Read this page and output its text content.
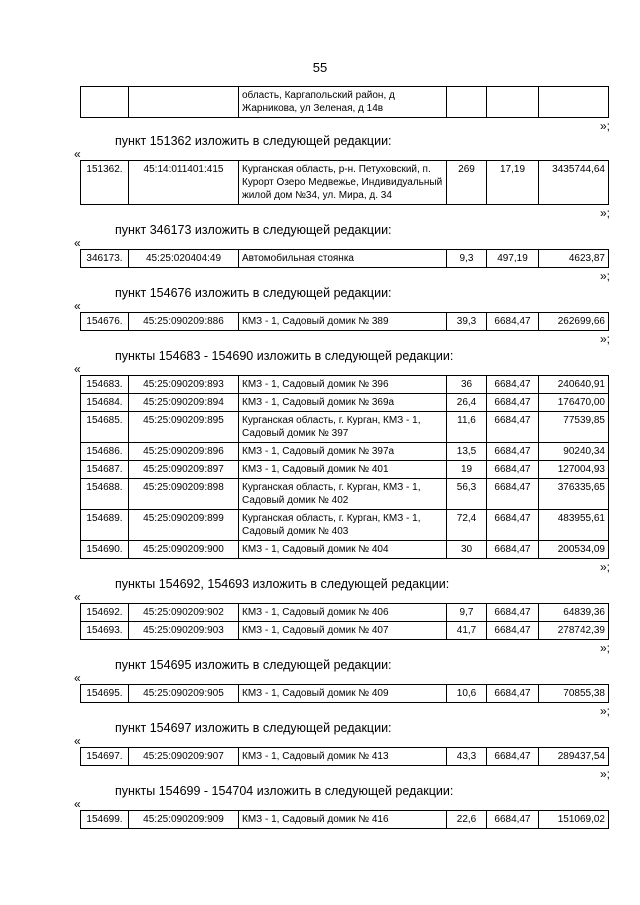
55
		область, Каргапольский район, д Жарникова, ул Зеленая, д 14в			
»;
пункт 151362 изложить в следующей редакции:
«
151362.	45:14:011401:415	Курганская область, р-н. Петуховский, п. Курорт Озеро Медвежье, Индивидуальный жилой дом №34, ул. Мира, д. 34	269	17,19	3435744,64
»;
пункт 346173 изложить в следующей редакции:
«
346173.	45:25:020404:49	Автомобильная стоянка	9,3	497,19	4623,87
»;
пункт 154676 изложить в следующей редакции:
«
154676.	45:25:090209:886	КМЗ - 1, Садовый домик № 389	39,3	6684,47	262699,66
»;
пункты 154683 - 154690 изложить в следующей редакции:
«
154683.	45:25:090209:893	КМЗ - 1, Садовый домик № 396	36	6684,47	240640,91
154684.	45:25:090209:894	КМЗ - 1, Садовый домик № 369а	26,4	6684,47	176470,00
154685.	45:25:090209:895	Курганская область, г. Курган, КМЗ - 1, Садовый домик № 397	11,6	6684,47	77539,85
154686.	45:25:090209:896	КМЗ - 1, Садовый домик № 397а	13,5	6684,47	90240,34
154687.	45:25:090209:897	КМЗ - 1, Садовый домик № 401	19	6684,47	127004,93
154688.	45:25:090209:898	Курганская область, г. Курган, КМЗ - 1, Садовый домик № 402	56,3	6684,47	376335,65
154689.	45:25:090209:899	Курганская область, г. Курган, КМЗ - 1, Садовый домик № 403	72,4	6684,47	483955,61
154690.	45:25:090209:900	КМЗ - 1, Садовый домик № 404	30	6684,47	200534,09
»;
пункты 154692, 154693 изложить в следующей редакции:
«
154692.	45:25:090209:902	КМЗ - 1, Садовый домик № 406	9,7	6684,47	64839,36
154693.	45:25:090209:903	КМЗ - 1, Садовый домик № 407	41,7	6684,47	278742,39
»;
пункт 154695 изложить в следующей редакции:
«
154695.	45:25:090209:905	КМЗ - 1, Садовый домик № 409	10,6	6684,47	70855,38
»;
пункт 154697 изложить в следующей редакции:
«
154697.	45:25:090209:907	КМЗ - 1, Садовый домик № 413	43,3	6684,47	289437,54
»;
пункты 154699 - 154704 изложить в следующей редакции:
«
154699.	45:25:090209:909	КМЗ - 1, Садовый домик № 416	22,6	6684,47	151069,02
